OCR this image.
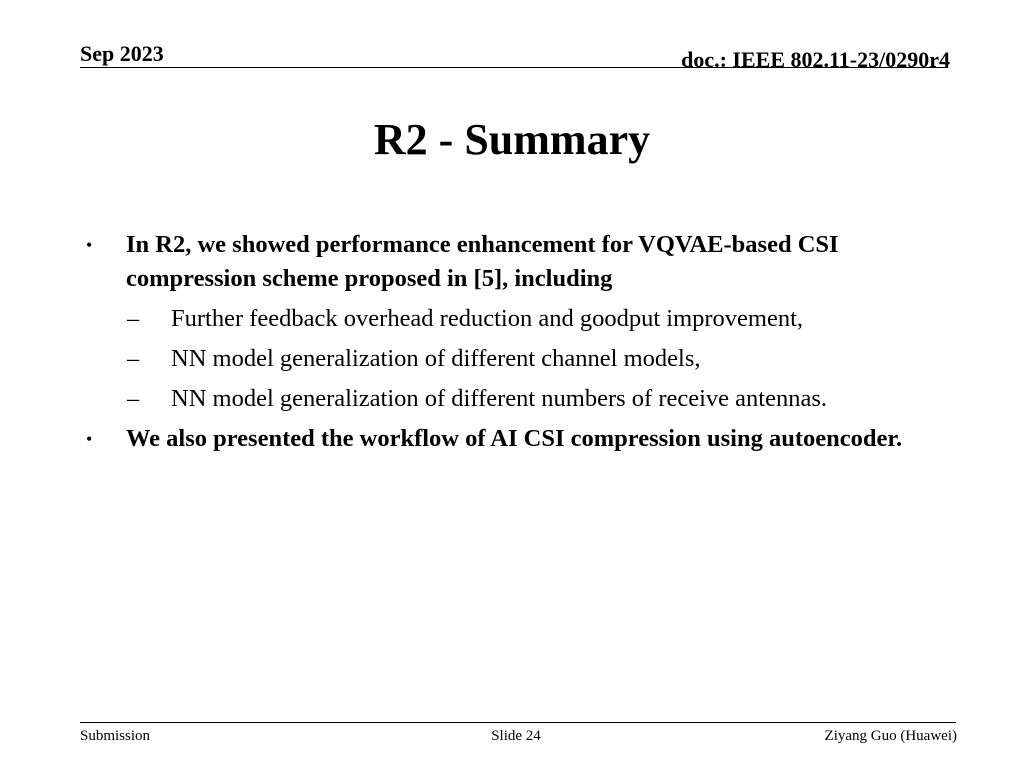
Sep 2023	doc.: IEEE 802.11-23/0290r4
R2 - Summary
• In R2, we showed performance enhancement for VQVAE-based CSI compression scheme proposed in [5], including
– Further feedback overhead reduction and goodput improvement,
– NN model generalization of different channel models,
– NN model generalization of different numbers of receive antennas.
• We also presented the workflow of AI CSI compression using autoencoder.
Submission	Slide 24	Ziyang Guo (Huawei)
